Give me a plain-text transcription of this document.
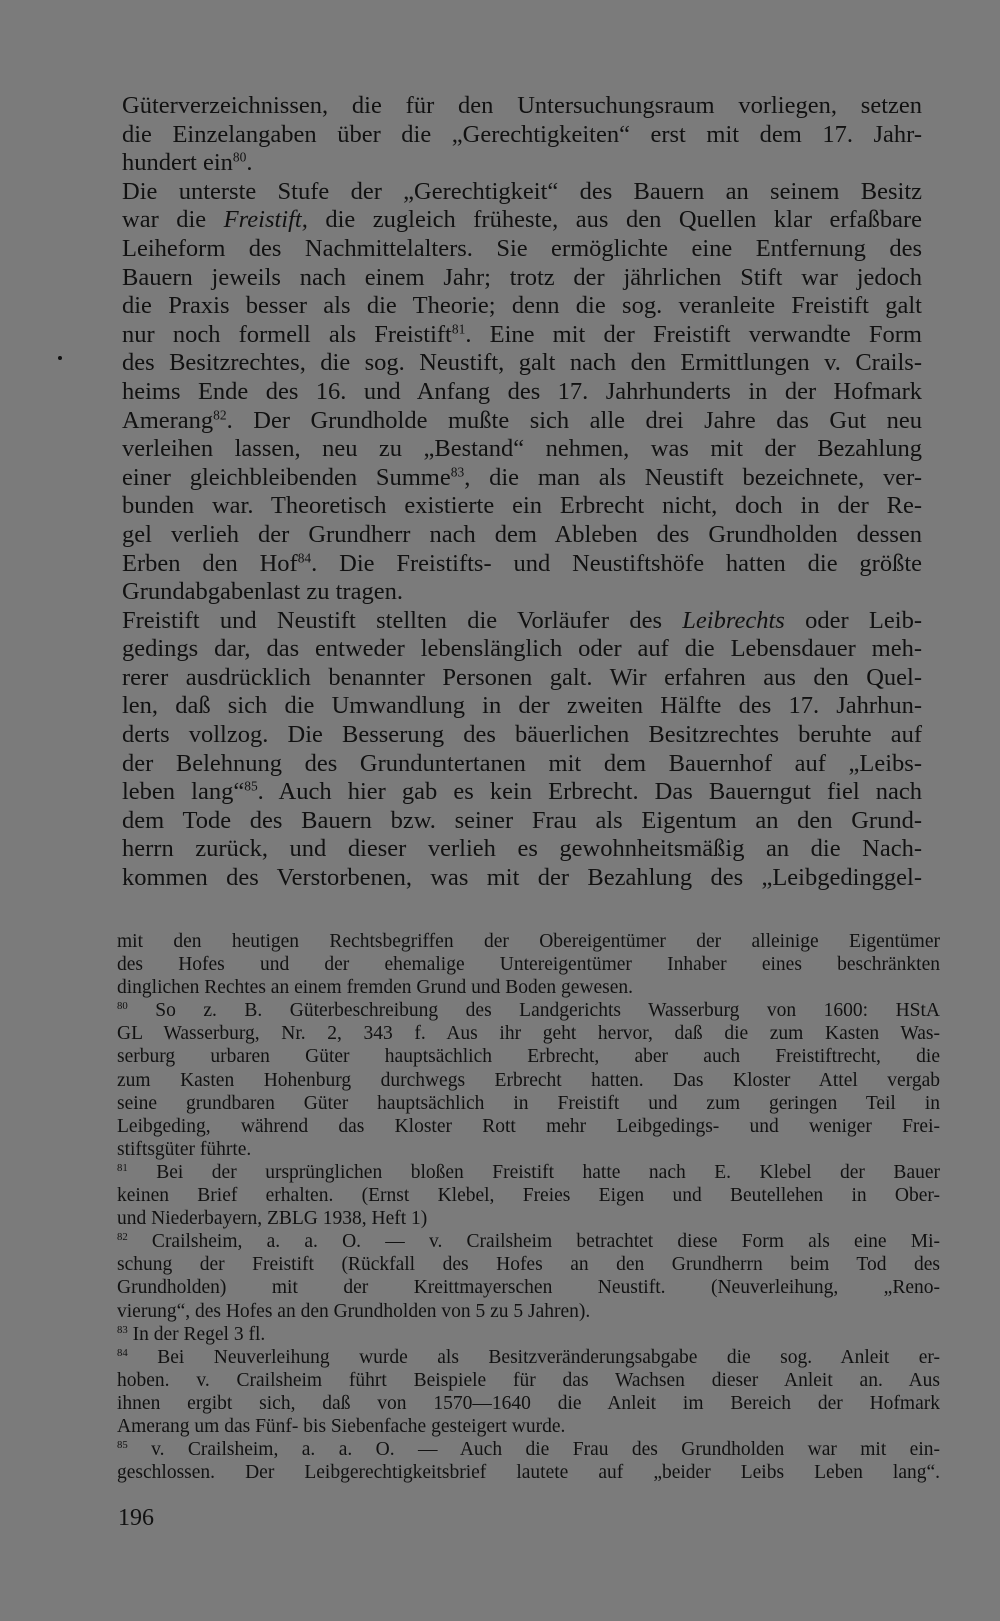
Güterverzeichnissen, die für den Untersuchungsraum vorliegen, setzen
die Einzelangaben über die „Gerechtigkeiten“ erst mit dem 17. Jahr-
hundert ein$^{80}$.
Die unterste Stufe der „Gerechtigkeit“ des Bauern an seinem Besitz
war die Freistift, die zugleich früheste, aus den Quellen klar erfaßbare
Leiheform des Nachmittelalters. Sie ermöglichte eine Entfernung des
Bauern jeweils nach einem Jahr; trotz der jährlichen Stift war jedoch
die Praxis besser als die Theorie; denn die sog. veranleite Freistift galt
nur noch formell als Freistift$^{81}$. Eine mit der Freistift verwandte Form
des Besitzrechtes, die sog. Neustift, galt nach den Ermittlungen v. Crails-
heims Ende des 16. und Anfang des 17. Jahrhunderts in der Hofmark
Amerang$^{82}$. Der Grundholde mußte sich alle drei Jahre das Gut neu
verleihen lassen, neu zu „Bestand“ nehmen, was mit der Bezahlung
einer gleichbleibenden Summe$^{83}$, die man als Neustift bezeichnete, ver-
bunden war. Theoretisch existierte ein Erbrecht nicht, doch in der Re-
gel verlieh der Grundherr nach dem Ableben des Grundholden dessen
Erben den Hof$^{84}$. Die Freistifts- und Neustiftshöfe hatten die größte
Grundabgabenlast zu tragen.
Freistift und Neustift stellten die Vorläufer des Leibrechts oder Leib-
gedings dar, das entweder lebenslänglich oder auf die Lebensdauer meh-
rerer ausdrücklich benannter Personen galt. Wir erfahren aus den Quel-
len, daß sich die Umwandlung in der zweiten Hälfte des 17. Jahrhun-
derts vollzog. Die Besserung des bäuerlichen Besitzrechtes beruhte auf
der Belehnung des Grunduntertanen mit dem Bauernhof auf „Leibs-
leben lang“$^{85}$. Auch hier gab es kein Erbrecht. Das Bauerngut fiel nach
dem Tode des Bauern bzw. seiner Frau als Eigentum an den Grund-
herrn zurück, und dieser verlieh es gewohnheitsmäßig an die Nach-
kommen des Verstorbenen, was mit der Bezahlung des „Leibgedinggel-
mit den heutigen Rechtsbegriffen der Obereigentümer der alleinige Eigentümer
des Hofes und der ehemalige Untereigentümer Inhaber eines beschränkten
dinglichen Rechtes an einem fremden Grund und Boden gewesen.
$^{80}$ So z. B. Güterbeschreibung des Landgerichts Wasserburg von 1600: HStA
GL Wasserburg, Nr. 2, 343 f. Aus ihr geht hervor, daß die zum Kasten Was-
serburg urbaren Güter hauptsächlich Erbrecht, aber auch Freistiftrecht, die
zum Kasten Hohenburg durchwegs Erbrecht hatten. Das Kloster Attel vergab
seine grundbaren Güter hauptsächlich in Freistift und zum geringen Teil in
Leibgeding, während das Kloster Rott mehr Leibgedings- und weniger Frei-
stiftsgüter führte.
$^{81}$ Bei der ursprünglichen bloßen Freistift hatte nach E. Klebel der Bauer
keinen Brief erhalten. (Ernst Klebel, Freies Eigen und Beutellehen in Ober-
und Niederbayern, ZBLG 1938, Heft 1)
$^{82}$ Crailsheim, a. a. O. — v. Crailsheim betrachtet diese Form als eine Mi-
schung der Freistift (Rückfall des Hofes an den Grundherrn beim Tod des
Grundholden) mit der Kreittmayerschen Neustift. (Neuverleihung, „Reno-
vierung“, des Hofes an den Grundholden von 5 zu 5 Jahren).
$^{83}$ In der Regel 3 fl.
$^{84}$ Bei Neuverleihung wurde als Besitzveränderungsabgabe die sog. Anleit er-
hoben. v. Crailsheim führt Beispiele für das Wachsen dieser Anleit an. Aus
ihnen ergibt sich, daß von 1570—1640 die Anleit im Bereich der Hofmark
Amerang um das Fünf- bis Siebenfache gesteigert wurde.
$^{85}$ v. Crailsheim, a. a. O. — Auch die Frau des Grundholden war mit ein-
geschlossen. Der Leibgerechtigkeitsbrief lautete auf „beider Leibs Leben lang“.
196
